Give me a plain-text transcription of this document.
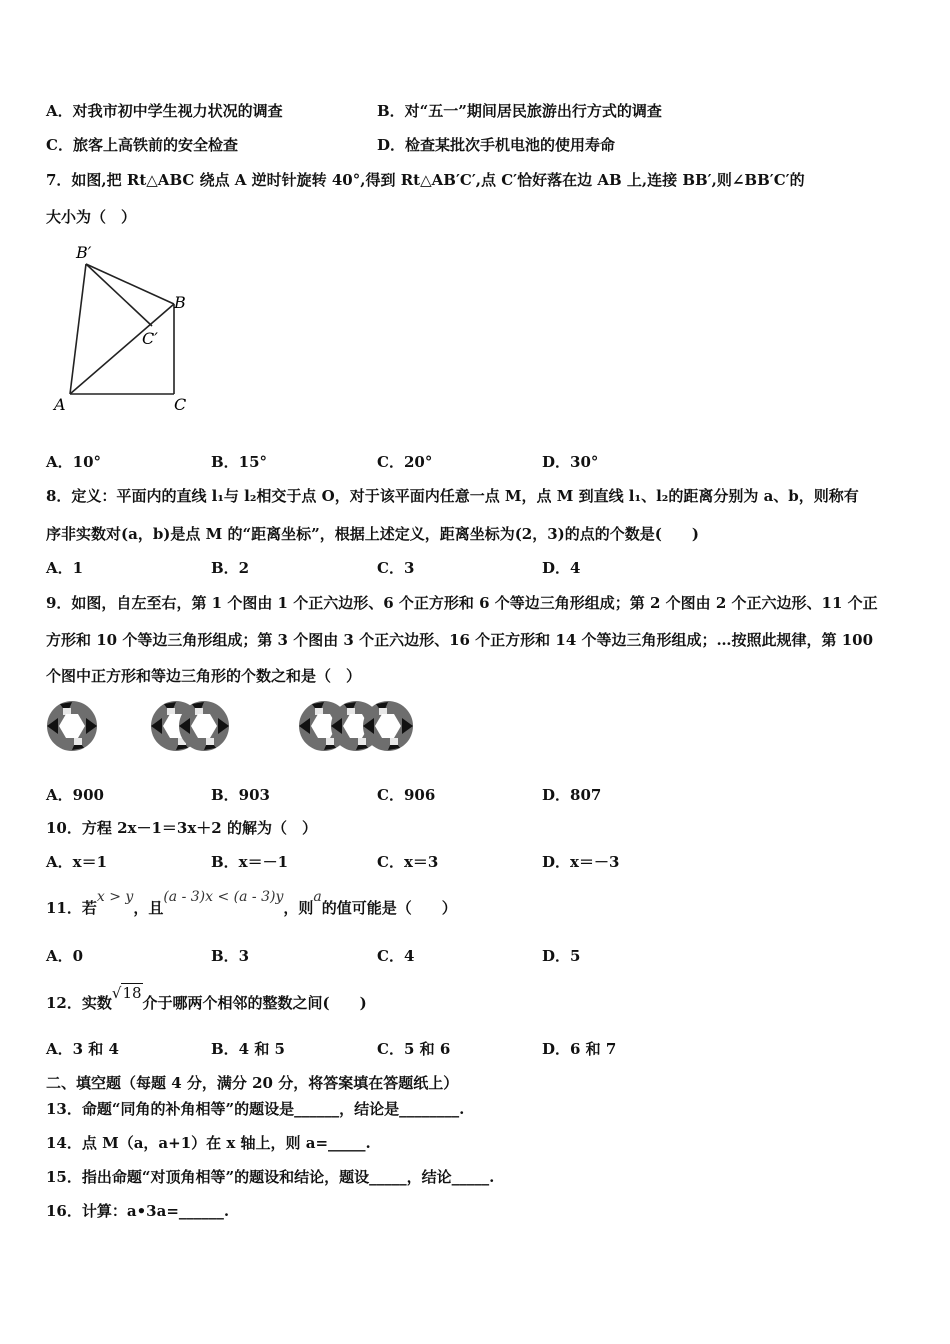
A．对我市初中学生视力状况的调查	B．对“五一”期间居民旅游出行方式的调查
C．旅客上高铁前的安全检查	D．检查某批次手机电池的使用寿命
7．如图,把 Rt△ABC 绕点 A 逆时针旋转 40°,得到 Rt△AB′C′,点 C′恰好落在边 AB 上,连接 BB′,则∠BB′C′的
大小为（　）
B′
B
C′
A	C
A．10°	B．15°	C．20°	D．30°
8．定义：平面内的直线 l₁与 l₂相交于点 O，对于该平面内任意一点 M，点 M 到直线 l₁、l₂的距离分别为 a、b，则称有
序非实数对(a，b)是点 M 的“距离坐标”，根据上述定义，距离坐标为(2，3)的点的个数是(　　)
A．1	B．2	C．3	D．4
9．如图，自左至右，第 1 个图由 1 个正六边形、6 个正方形和 6 个等边三角形组成；第 2 个图由 2 个正六边形、11 个正
方形和 10 个等边三角形组成；第 3 个图由 3 个正六边形、16 个正方形和 14 个等边三角形组成；…按照此规律，第 100
个图中正方形和等边三角形的个数之和是（　）
A．900	B．903	C．906	D．807
10．方程 2x－1＝3x＋2 的解为（　）
A．x＝1	B．x＝－1	C．x＝3	D．x＝－3
11．若x > y，且(a - 3)x < (a - 3)y，则a的值可能是（　　）
A．0	B．3	C．4	D．5
12．实数√18介于哪两个相邻的整数之间(　　)
A．3 和 4	B．4 和 5	C．5 和 6	D．6 和 7
二、填空题（每题 4 分，满分 20 分，将答案填在答题纸上）
13．命题“同角的补角相等”的题设是______，结论是________.
14．点 M（a，a+1）在 x 轴上，则 a=_____.
15．指出命题“对顶角相等”的题设和结论，题设_____，结论_____.
16．计算：a•3a=______.
